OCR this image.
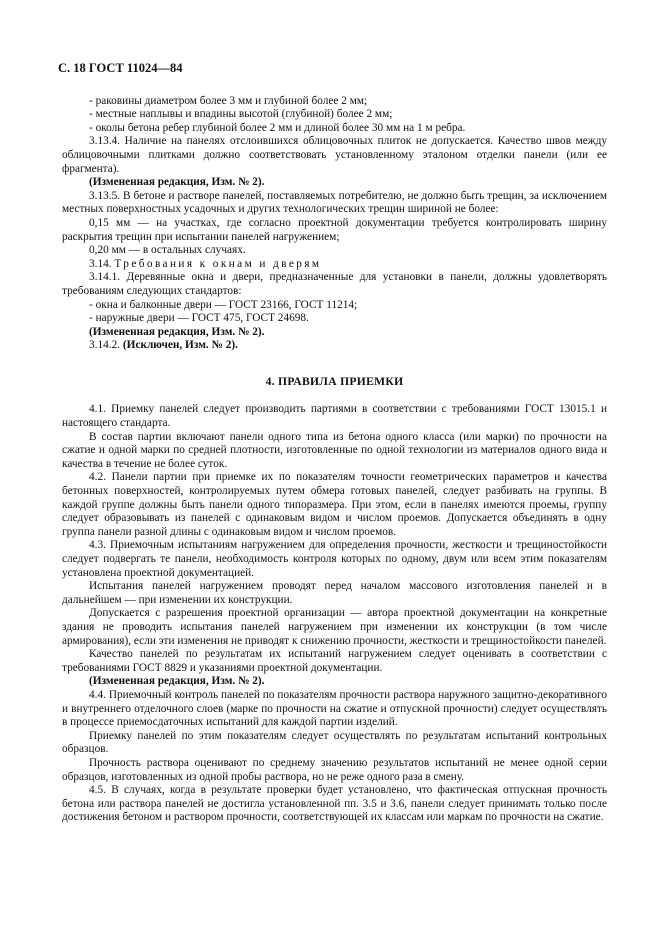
С. 18 ГОСТ 11024—84

- раковины диаметром более 3 мм и глубиной более 2 мм;

- местные наплывы и впадины высотой (глубиной) более 2 мм;

- околы бетона ребер глубиной более 2 мм и длиной более 30 мм на 1 м ребра.

3.13.4. Наличие на панелях отслоившихся облицовочных плиток не допускается. Качество швов между облицовочными плитками должно соответствовать установленному эталоном отделки панели (или ее фрагмента).

(Измененная редакция, Изм. № 2).

3.13.5. В бетоне и растворе панелей, поставляемых потребителю, не должно быть трещин, за исключением местных поверхностных усадочных и других технологических трещин шириной не более:

0,15 мм — на участках, где согласно проектной документации требуется контролировать ширину раскрытия трещин при испытании панелей нагружением;

0,20 мм — в остальных случаях.

3.14. Требования к окнам и дверям

3.14.1. Деревянные окна и двери, предназначенные для установки в панели, должны удовлетворять требованиям следующих стандартов:

- окна и балконные двери — ГОСТ 23166, ГОСТ 11214;

- наружные двери — ГОСТ 475, ГОСТ 24698.

(Измененная редакция, Изм. № 2).

3.14.2. (Исключен, Изм. № 2).

4. ПРАВИЛА ПРИЕМКИ

4.1. Приемку панелей следует производить партиями в соответствии с требованиями ГОСТ 13015.1 и настоящего стандарта.

В состав партии включают панели одного типа из бетона одного класса (или марки) по прочности на сжатие и одной марки по средней плотности, изготовленные по одной технологии из материалов одного вида и качества в течение не более суток.

4.2. Панели партии при приемке их по показателям точности геометрических параметров и качества бетонных поверхностей, контролируемых путем обмера готовых панелей, следует разбивать на группы. В каждой группе должны быть панели одного типоразмера. При этом, если в панелях имеются проемы, группу следует образовывать из панелей с одинаковым видом и числом проемов. Допускается объединять в одну группа панели разной длины с одинаковым видом и числом проемов.

4.3. Приемочным испытаниям нагружением для определения прочности, жесткости и трещиностойкости следует подвергать те панели, необходимость контроля которых по одному, двум или всем этим показателям установлена проектной документацией.

Испытания панелей нагружением проводят перед началом массового изготовления панелей и в дальнейшем — при изменении их конструкции.

Допускается с разрешения проектной организации — автора проектной документации на конкретные здания не проводить испытания панелей нагружением при изменении их конструкции (в том числе армирования), если эти изменения не приводят к снижению прочности, жесткости и трещиностойкости панелей.

Качество панелей по результатам их испытаний нагружением следует оценивать в соответствии с требованиями ГОСТ 8829 и указаниями проектной документации.

(Измененная редакция, Изм. № 2).

4.4. Приемочный контроль панелей по показателям прочности раствора наружного защитно-декоративного и внутреннего отделочного слоев (марке по прочности на сжатие и отпускной прочности) следует осуществлять в процессе приемосдаточных испытаний для каждой партии изделий.

Приемку панелей по этим показателям следует осуществлять по результатам испытаний контрольных образцов.

Прочность раствора оценивают по среднему значению результатов испытаний не менее одной серии образцов, изготовленных из одной пробы раствора, но не реже одного раза в смену.

4.5. В случаях, когда в результате проверки будет установлено, что фактическая отпускная прочность бетона или раствора панелей не достигла установленной пп. 3.5 и 3.6, панели следует принимать только после достижения бетоном и раствором прочности, соответствующей их классам или маркам по прочности на сжатие.
